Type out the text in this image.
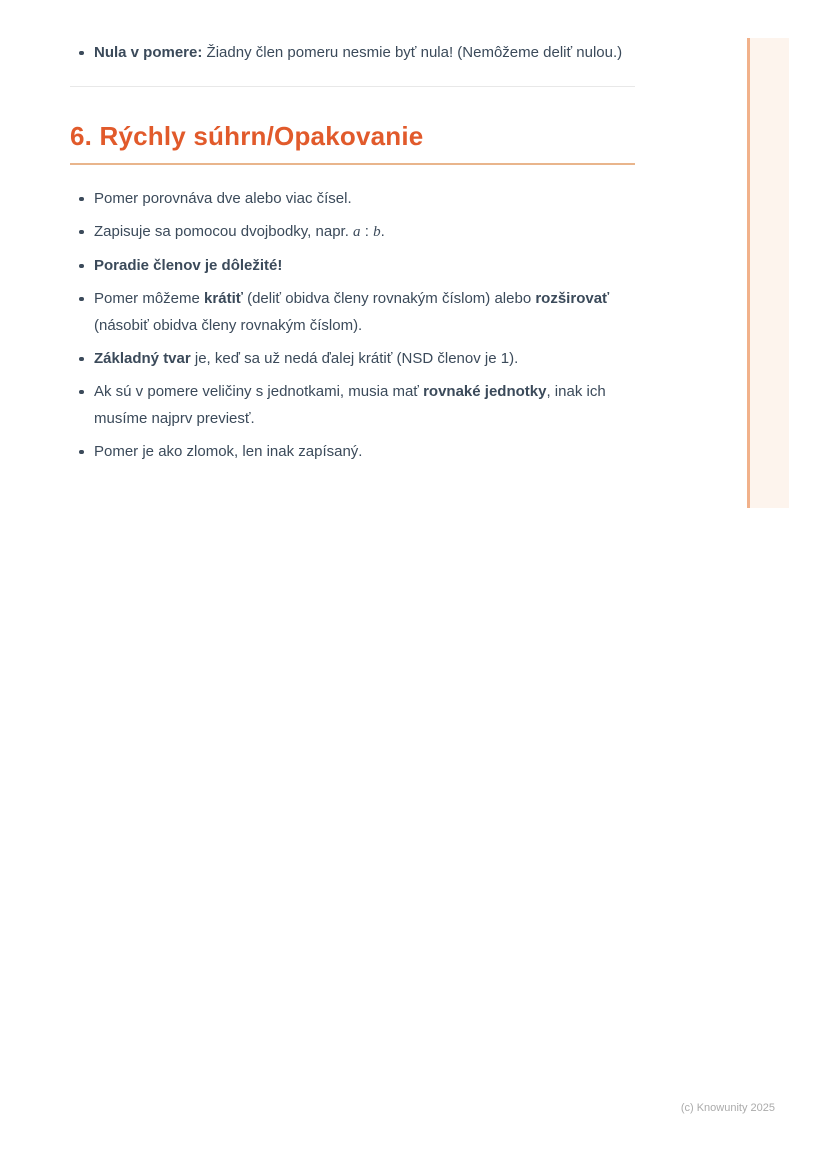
Nula v pomere: Žiadny člen pomeru nesmie byť nula! (Nemôžeme deliť nulou.)
6. Rýchly súhrn/Opakovanie
Pomer porovnáva dve alebo viac čísel.
Zapisuje sa pomocou dvojbodky, napr. a : b.
Poradie členov je dôležité!
Pomer môžeme krátiť (deliť obidva členy rovnakým číslom) alebo rozširovať (násobiť obidva členy rovnakým číslom).
Základný tvar je, keď sa už nedá ďalej krátiť (NSD členov je 1).
Ak sú v pomere veličiny s jednotkami, musia mať rovnaké jednotky, inak ich musíme najprv previesť.
Pomer je ako zlomok, len inak zapísaný.
(c) Knowunity 2025
